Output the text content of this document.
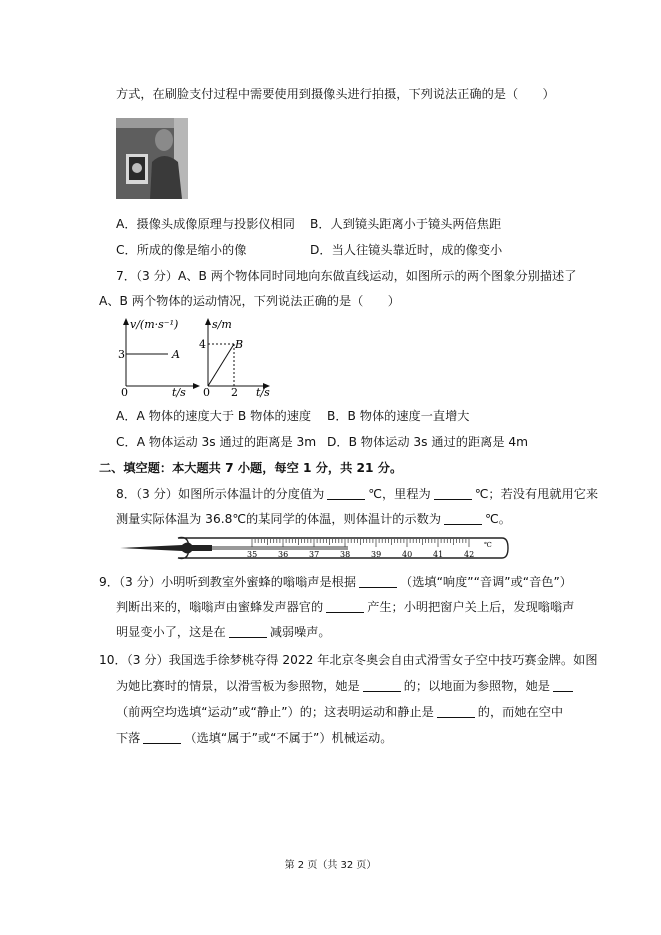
方式，在刷脸支付过程中需要使用到摄像头进行拍摄，下列说法正确的是（　　）
A．摄像头成像原理与投影仪相同 B．人到镜头距离小于镜头两倍焦距
C．所成的像是缩小的像	D．当人往镜头靠近时，成的像变小
7．（3 分）A、B 两个物体同时同地向东做直线运动，如图所示的两个图象分别描述了
A、B 两个物体的运动情况，下列说法正确的是（　　）
v/(m·s⁻¹)
3	A
0	t/s
s/m
4	B
0 2 t/s
A．A 物体的速度大于 B 物体的速度 B．B 物体的速度一直增大
C．A 物体运动 3s 通过的距离是 3m D．B 物体运动 3s 通过的距离是 4m
二、填空题：本大题共 7 小题，每空 1 分，共 21 分。
8．（3 分）如图所示体温计的分度值为	℃，里程为	℃；若没有甩就用它来
测量实际体温为 36.8℃的某同学的体温，则体温计的示数为	℃。
35	36	37	38	39	40	41	42
℃
9．（3 分）小明听到教室外蜜蜂的嗡嗡声是根据	（选填“响度”“音调”或“音色”）
判断出来的，嗡嗡声由蜜蜂发声器官的	产生；小明把窗户关上后，发现嗡嗡声
明显变小了，这是在	减弱噪声。
10．（3 分）我国选手徐梦桃夺得 2022 年北京冬奥会自由式滑雪女子空中技巧赛金牌。如图
为她比赛时的情景，以滑雪板为参照物，她是	的；以地面为参照物，她是
（前两空均选填“运动”或“静止”）的；这表明运动和静止是	的，而她在空中
下落	（选填“属于”或“不属于”）机械运动。
第 2 页（共 32 页）
